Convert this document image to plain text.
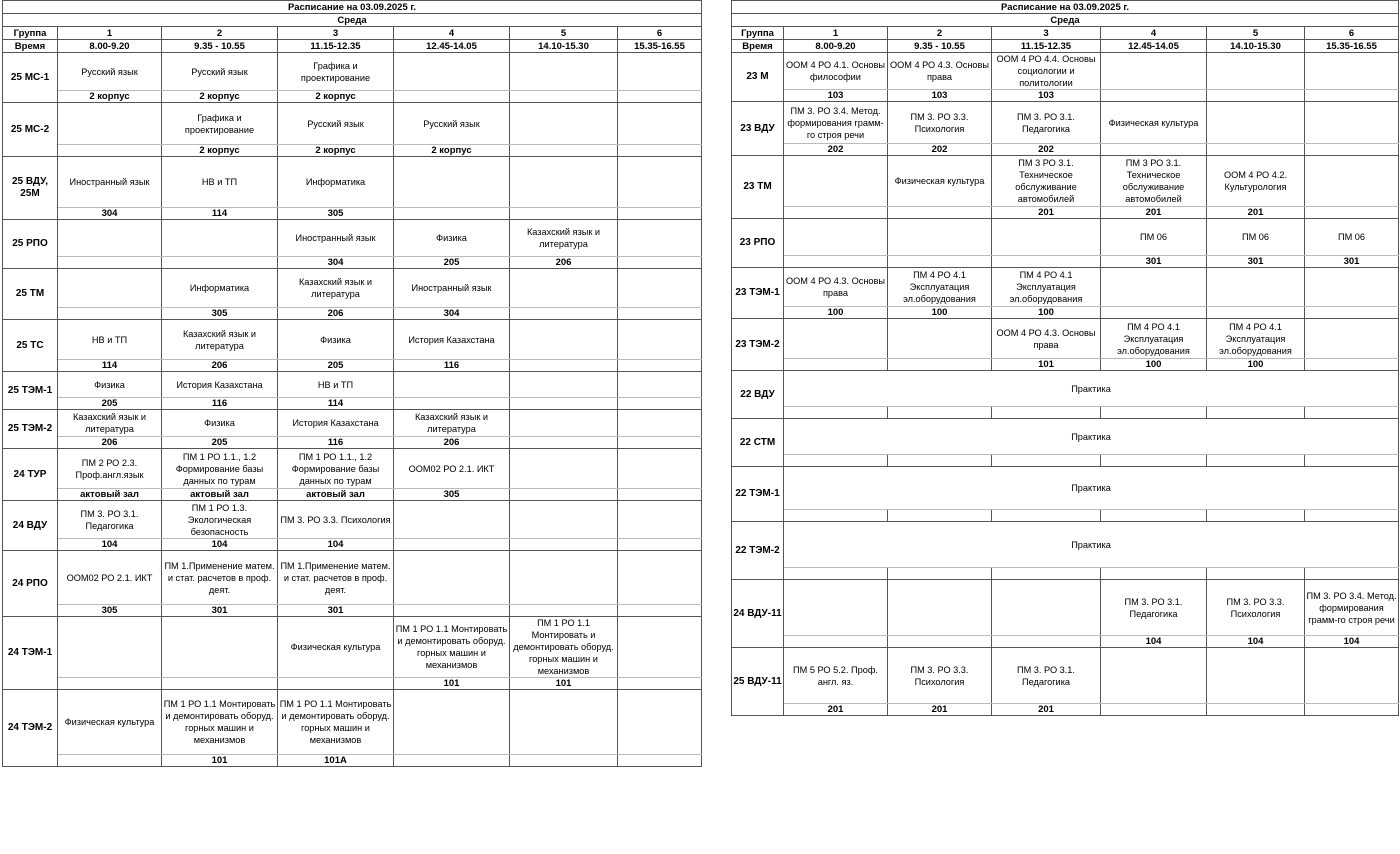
Расписание на 03.09.2025 г.						
Среда						
Группа	1	2	3	4	5	6
Время	8.00-9.20	9.35 - 10.55	11.15-12.35	12.45-14.05	14.10-15.30	15.35-16.55
25 МС-1	Русский язык	Русский язык	Графика и проектирование			
	2 корпус	2 корпус	2 корпус			
25 МС-2		Графика и проектирование	Русский язык	Русский язык		
		2 корпус	2 корпус	2 корпус		
25 ВДУ, 25М	Иностранный язык	НВ и ТП	Информатика			
	304	114	305			
25 РПО			Иностранный язык	Физика	Казахский язык и литература	
			304	205	206	
25 ТМ		Информатика	Казахский язык и литература	Иностранный язык		
		305	206	304		
25 ТС	НВ и ТП	Казахский язык и литература	Физика	История Казахстана		
	114	206	205	116		
25 ТЭМ-1	Физика	История Казахстана	НВ и ТП			
	205	116	114			
25 ТЭМ-2	Казахский язык и литература	Физика	История Казахстана	Казахский язык и литература		
	206	205	116	206		
24 ТУР	ПМ 2 РО 2.3. Проф.англ.язык	ПМ 1 РО 1.1., 1.2 Формирование базы данных по турам	ПМ 1 РО 1.1., 1.2 Формирование базы данных по турам	ООМ02 РО 2.1. ИКТ		
	актовый зал	актовый зал	актовый зал	305		
24 ВДУ	ПМ 3. РО 3.1. Педагогика	ПМ 1 РО 1.3. Экологическая безопасность	ПМ 3. РО 3.3. Психология			
	104	104	104			
24 РПО	ООМ02 РО 2.1. ИКТ	ПМ 1.Применение матем. и стат. расчетов в проф. деят.	ПМ 1.Применение матем. и стат. расчетов в проф. деят.			
	305	301	301			
24 ТЭМ-1			Физическая культура	ПМ 1 РО 1.1 Монтировать и демонтировать оборуд. горных машин и механизмов	ПМ 1 РО 1.1 Монтировать и демонтировать оборуд. горных машин и механизмов	
				101	101	
24 ТЭМ-2	Физическая культура	ПМ 1 РО 1.1 Монтировать и демонтировать оборуд. горных машин и механизмов	ПМ 1 РО 1.1 Монтировать и демонтировать оборуд. горных машин и механизмов			
		101	101А			
Расписание на 03.09.2025 г.						
Среда						
Группа	1	2	3	4	5	6
Время	8.00-9.20	9.35 - 10.55	11.15-12.35	12.45-14.05	14.10-15.30	15.35-16.55
23 М	ООМ 4 РО 4.1. Основы философии	ООМ 4 РО 4.3. Основы права	ООМ 4 РО 4.4. Основы социологии и политологии			
	103	103	103			
23 ВДУ	ПМ 3. РО 3.4. Метод. формирования грамм-го строя речи	ПМ 3. РО 3.3. Психология	ПМ 3. РО 3.1. Педагогика	Физическая культура		
	202	202	202			
23 ТМ		Физическая культура	ПМ 3 РО 3.1. Техническое обслуживание автомобилей	ПМ 3 РО 3.1. Техническое обслуживание автомобилей	ООМ 4 РО 4.2. Культурология	
			201	201	201	
23 РПО				ПМ 06	ПМ 06	ПМ 06
				301	301	301
23 ТЭМ-1	ООМ 4 РО 4.3. Основы права	ПМ 4 РО 4.1 Эксплуатация эл.оборудования	ПМ 4 РО 4.1 Эксплуатация эл.оборудования			
	100	100	100			
23 ТЭМ-2			ООМ 4 РО 4.3. Основы права	ПМ 4 РО 4.1 Эксплуатация эл.оборудования	ПМ 4 РО 4.1 Эксплуатация эл.оборудования	
			101	100	100	
22 ВДУ	Практика					

22 СТМ	Практика					

22 ТЭМ-1	Практика					

22 ТЭМ-2	Практика					

24 ВДУ-11				ПМ 3. РО 3.1. Педагогика	ПМ 3. РО 3.3. Психология	ПМ 3. РО 3.4. Метод. формирования грамм-го строя речи
				104	104	104
25 ВДУ-11	ПМ 5 РО 5.2. Проф. англ. яз.	ПМ 3. РО 3.3. Психология	ПМ 3. РО 3.1. Педагогика			
	201	201	201			
